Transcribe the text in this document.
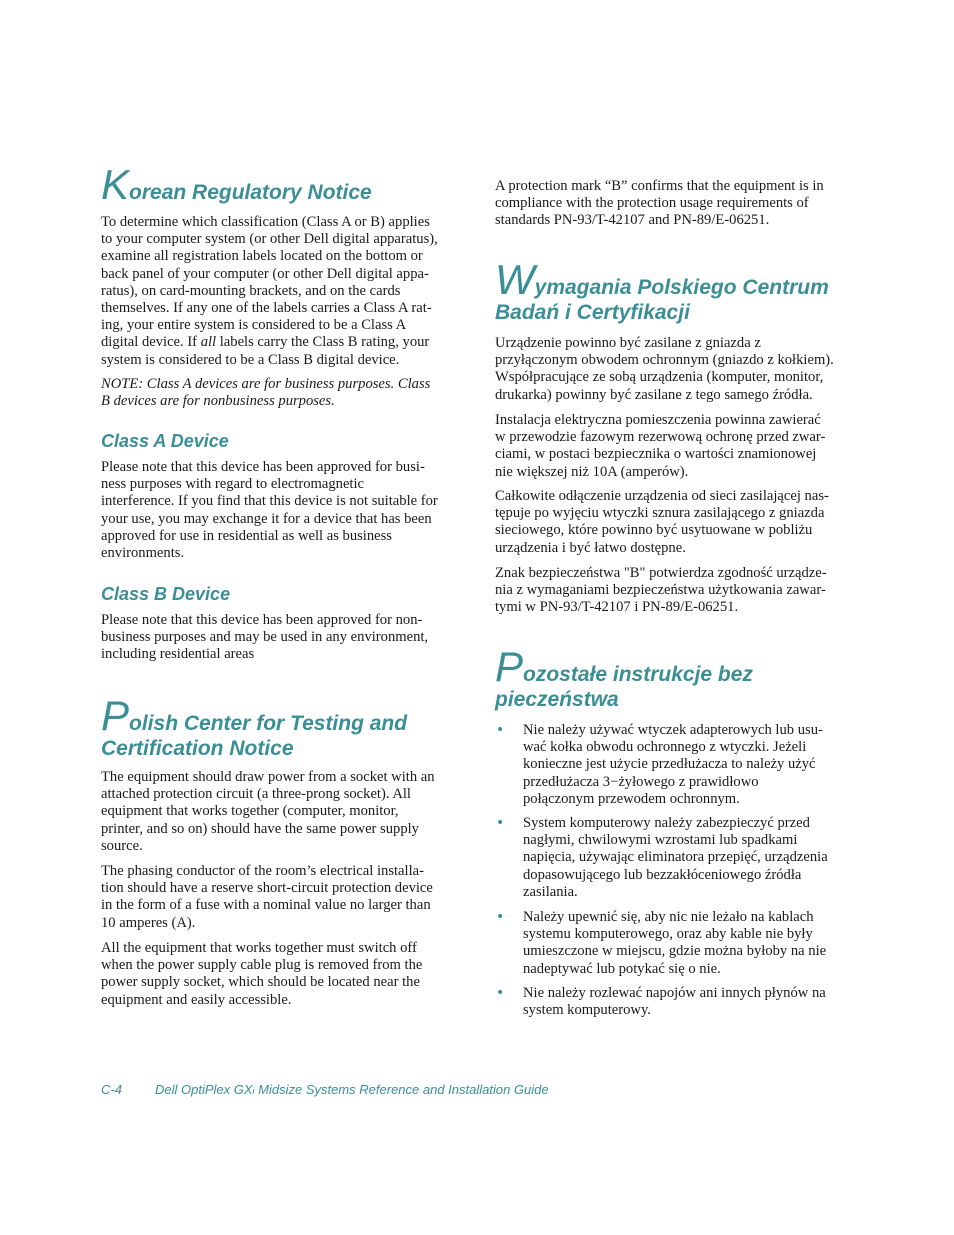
Korean Regulatory Notice

To determine which classification (Class A or B) applies
to your computer system (or other Dell digital apparatus),
examine all registration labels located on the bottom or
back panel of your computer (or other Dell digital appa-
ratus), on card-mounting brackets, and on the cards
themselves. If any one of the labels carries a Class A rat-
ing, your entire system is considered to be a Class A
digital device. If all labels carry the Class B rating, your
system is considered to be a Class B digital device.

NOTE: Class A devices are for business purposes. Class
B devices are for nonbusiness purposes.

Class A Device

Please note that this device has been approved for busi-
ness purposes with regard to electromagnetic
interference. If you find that this device is not suitable for
your use, you may exchange it for a device that has been
approved for use in residential as well as business
environments.

Class B Device

Please note that this device has been approved for non-
business purposes and may be used in any environment,
including residential areas

Polish Center for Testing and
Certification Notice

The equipment should draw power from a socket with an
attached protection circuit (a three-prong socket). All
equipment that works together (computer, monitor,
printer, and so on) should have the same power supply
source.

The phasing conductor of the room’s electrical installa-
tion should have a reserve short-circuit protection device
in the form of a fuse with a nominal value no larger than
10 amperes (A).

All the equipment that works together must switch off
when the power supply cable plug is removed from the
power supply socket, which should be located near the
equipment and easily accessible.

A protection mark “B” confirms that the equipment is in
compliance with the protection usage requirements of
standards PN-93/T-42107 and PN-89/E-06251.

Wymagania Polskiego Centrum
Badań i Certyfikacji

Urządzenie powinno być zasilane z gniazda z
przyłączonym obwodem ochronnym (gniazdo z kołkiem).
Współpracujące ze sobą urządzenia (komputer, monitor,
drukarka) powinny być zasilane z tego samego źródła.

Instalacja elektryczna pomieszczenia powinna zawierać
w przewodzie fazowym rezerwową ochronę przed zwar-
ciami, w postaci bezpiecznika o wartości znamionowej
nie większej niż 10A (amperów).

Całkowite odłączenie urządzenia od sieci zasilającej nas-
tępuje po wyjęciu wtyczki sznura zasilającego z gniazda
sieciowego, które powinno być usytuowane w pobliżu
urządzenia i być łatwo dostępne.

Znak bezpieczeństwa "B" potwierdza zgodność urządze-
nia z wymaganiami bezpieczeństwa użytkowania zawar-
tymi w PN-93/T-42107 i PN-89/E-06251.

Pozostałe instrukcje bez
pieczeństwa
• Nie należy używać wtyczek adapterowych lub usu-
wać kołka obwodu ochronnego z wtyczki. Jeżeli
konieczne jest użycie przedłużacza to należy użyć
przedłużacza 3−żyłowego z prawidłowo
połączonym przewodem ochronnym.
• System komputerowy należy zabezpieczyć przed
nagłymi, chwilowymi wzrostami lub spadkami
napięcia, używając eliminatora przepięć, urządzenia
dopasowującego lub bezzakłóceniowego źródła
zasilania.
• Należy upewnić się, aby nic nie leżało na kablach
systemu komputerowego, oraz aby kable nie były
umieszczone w miejscu, gdzie można byłoby na nie
nadeptywać lub potykać się o nie.
• Nie należy rozlewać napojów ani innych płynów na
system komputerowy.
C-4	Dell OptiPlex GXi Midsize Systems Reference and Installation Guide
